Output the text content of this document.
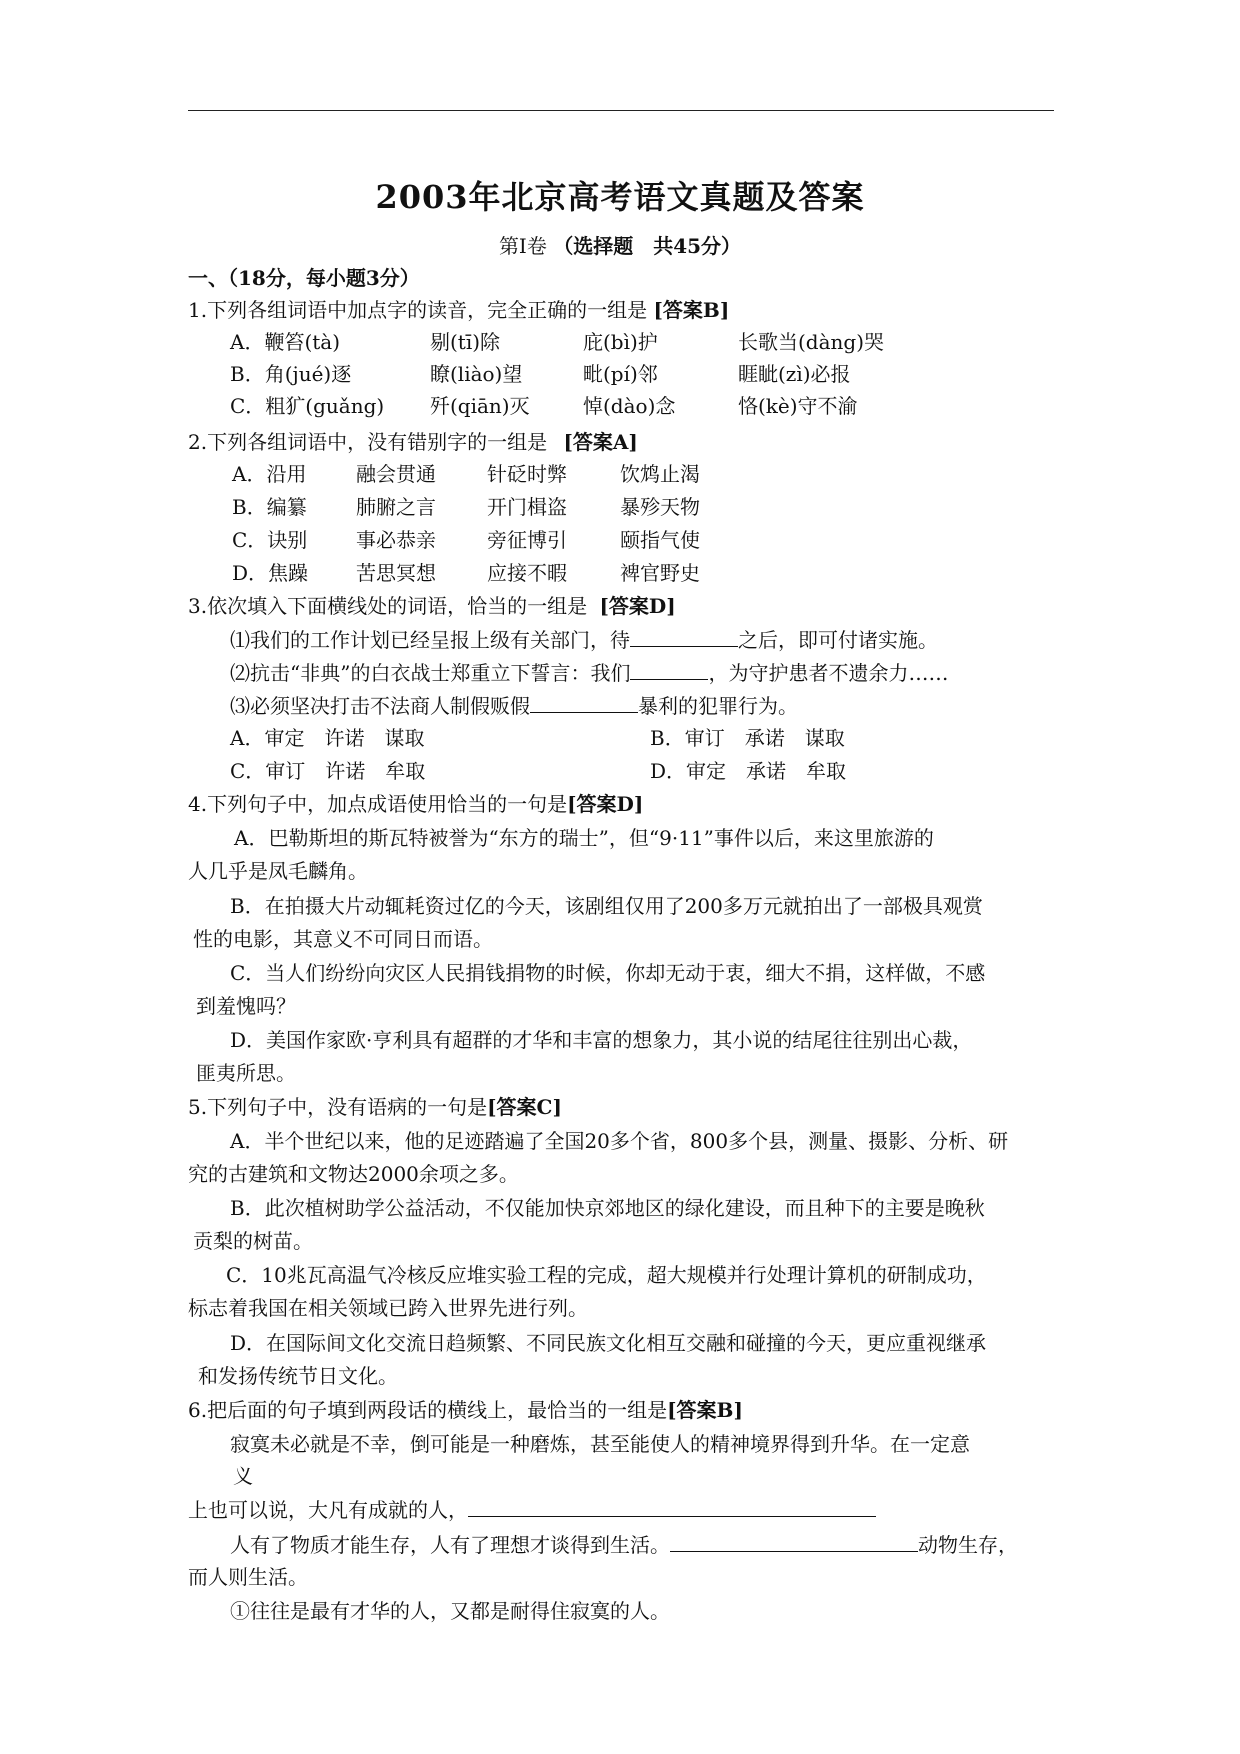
2003年北京高考语文真题及答案
第Ⅰ卷 （选择题　共45分）
一、（18分，每小题3分）
1.下列各组词语中加点字的读音，完全正确的一组是 [答案B]
A．鞭笞(tà)	剔(tī)除	庇(bì)护	长歌当(dàng)哭
B．角(jué)逐	瞭(liào)望	毗(pí)邻	睚眦(zì)必报
C．粗犷(guǎng) 歼(qiān)灭	悼(dào)念	恪(kè)守不渝
2.下列各组词语中，没有错别字的一组是 [答案A]
A．沿用 融会贯通	针砭时弊	饮鸩止渴
B．编纂 肺腑之言	开门楫盗	暴殄天物
C．诀别 事必恭亲	旁征博引	颐指气使
D．焦躁 苦思冥想	应接不暇	裨官野史
3.依次填入下面横线处的词语，恰当的一组是 [答案D]
⑴我们的工作计划已经呈报上级有关部门，待	之后，即可付诸实施。
⑵抗击“非典”的白衣战士郑重立下誓言：我们	，为守护患者不遗余力……
⑶必须坚决打击不法商人制假贩假	暴利的犯罪行为。
A．审定　许诺　谋取	B．审订　承诺　谋取
C．审订　许诺　牟取	D．审定　承诺　牟取
4.下列句子中，加点成语使用恰当的一句是[答案D]
A．巴勒斯坦的斯瓦特被誉为“东方的瑞士”，但“9·11”事件以后，来这里旅游的
人几乎是凤毛麟角。
B．在拍摄大片动辄耗资过亿的今天，该剧组仅用了200多万元就拍出了一部极具观赏
性的电影，其意义不可同日而语。
C．当人们纷纷向灾区人民捐钱捐物的时候，你却无动于衷，细大不捐，这样做，不感
到羞愧吗？
D．美国作家欧·亨利具有超群的才华和丰富的想象力，其小说的结尾往往别出心裁，
匪夷所思。
5.下列句子中，没有语病的一句是[答案C]
A．半个世纪以来，他的足迹踏遍了全国20多个省，800多个县，测量、摄影、分析、研
究的古建筑和文物达2000余项之多。
B．此次植树助学公益活动，不仅能加快京郊地区的绿化建设，而且种下的主要是晚秋
贡梨的树苗。
C．10兆瓦高温气冷核反应堆实验工程的完成，超大规模并行处理计算机的研制成功，
标志着我国在相关领域已跨入世界先进行列。
D．在国际间文化交流日趋频繁、不同民族文化相互交融和碰撞的今天，更应重视继承
和发扬传统节日文化。
6.把后面的句子填到两段话的横线上，最恰当的一组是[答案B]
寂寞未必就是不幸，倒可能是一种磨炼，甚至能使人的精神境界得到升华。在一定意
义
上也可以说，大凡有成就的人，
人有了物质才能生存，人有了理想才谈得到生活。	动物生存，
而人则生活。
①往往是最有才华的人，又都是耐得住寂寞的人。
